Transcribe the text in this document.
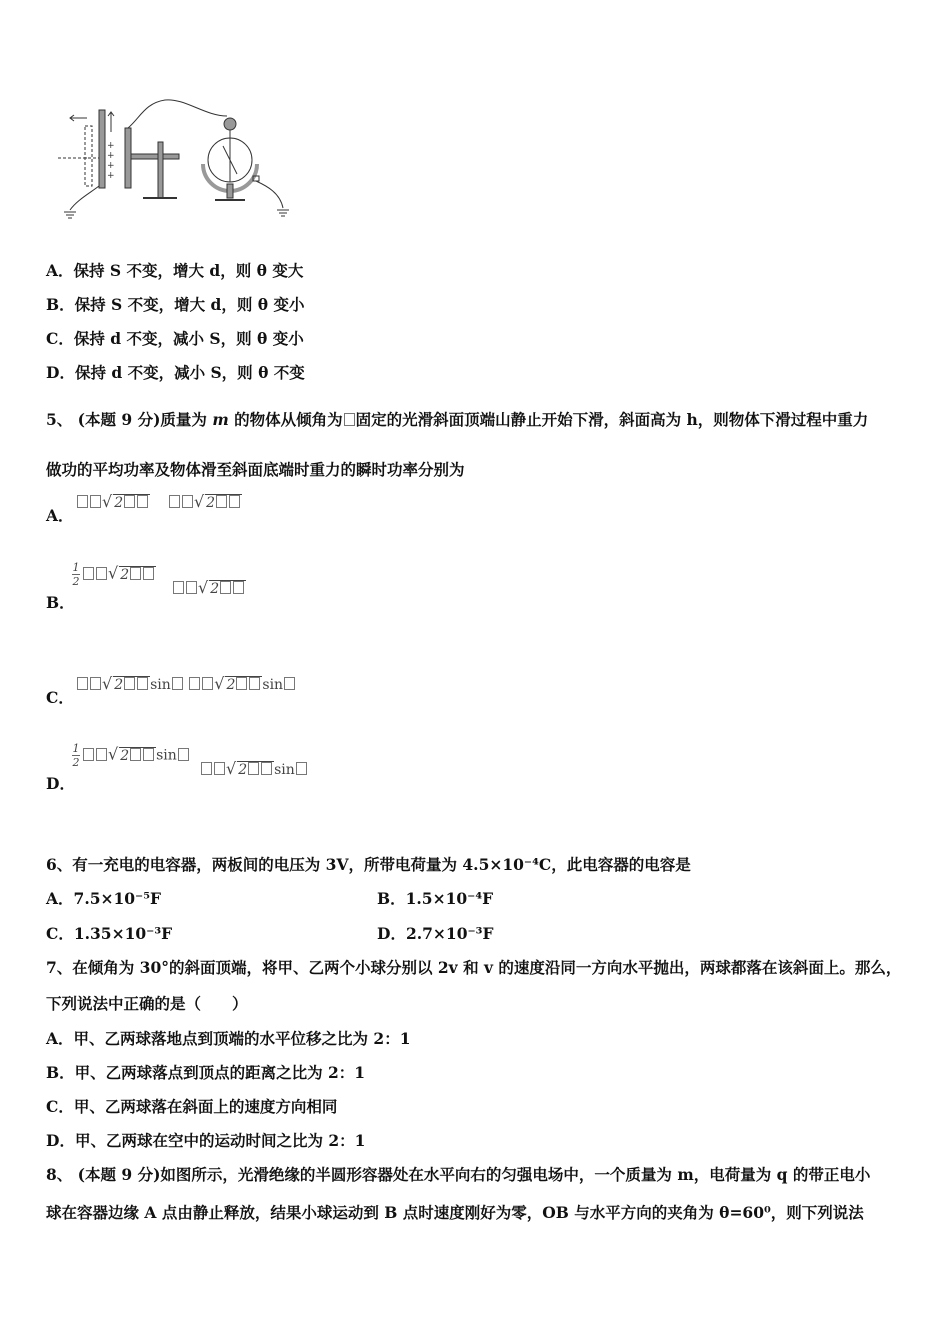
+
+
+
+
A．保持 S 不变，增大 d，则 θ 变大
B．保持 S 不变，增大 d，则 θ 变小
C．保持 d 不变，减小 S，则 θ 变小
D．保持 d 不变，减小 S，则 θ 不变
5、 (本题 9 分)质量为 m 的物体从倾角为 固定的光滑斜面顶端山静止开始下滑，斜面高为 h，则物体下滑过程中重力
做功的平均功率及物体滑至斜面底端时重力的瞬时功率分别为
A．
√ 2	√ 2
B．
$\frac{1}{2}$ √ 2
√ 2
C．
√ 2 sin	√ 2 sin
D．
$\frac{1}{2}$ √ 2 sin
√ 2 sin
6、有一充电的电容器，两板间的电压为 3V，所带电荷量为 4.5×10⁻⁴C，此电容器的电容是
A．7.5×10⁻⁵F	B．1.5×10⁻⁴F
C．1.35×10⁻³F	D．2.7×10⁻³F
7、在倾角为 30°的斜面顶端，将甲、乙两个小球分别以 2v 和 v 的速度沿同一方向水平抛出，两球都落在该斜面上。那么，
下列说法中正确的是（　　）
A．甲、乙两球落地点到顶端的水平位移之比为 2：1
B．甲、乙两球落点到顶点的距离之比为 2：1
C．甲、乙两球落在斜面上的速度方向相同
D．甲、乙两球在空中的运动时间之比为 2：1
8、 (本题 9 分)如图所示，光滑绝缘的半圆形容器处在水平向右的匀强电场中，一个质量为 m，电荷量为 q 的带正电小
球在容器边缘 A 点由静止释放，结果小球运动到 B 点时速度刚好为零，OB 与水平方向的夹角为 θ=60⁰，则下列说法
